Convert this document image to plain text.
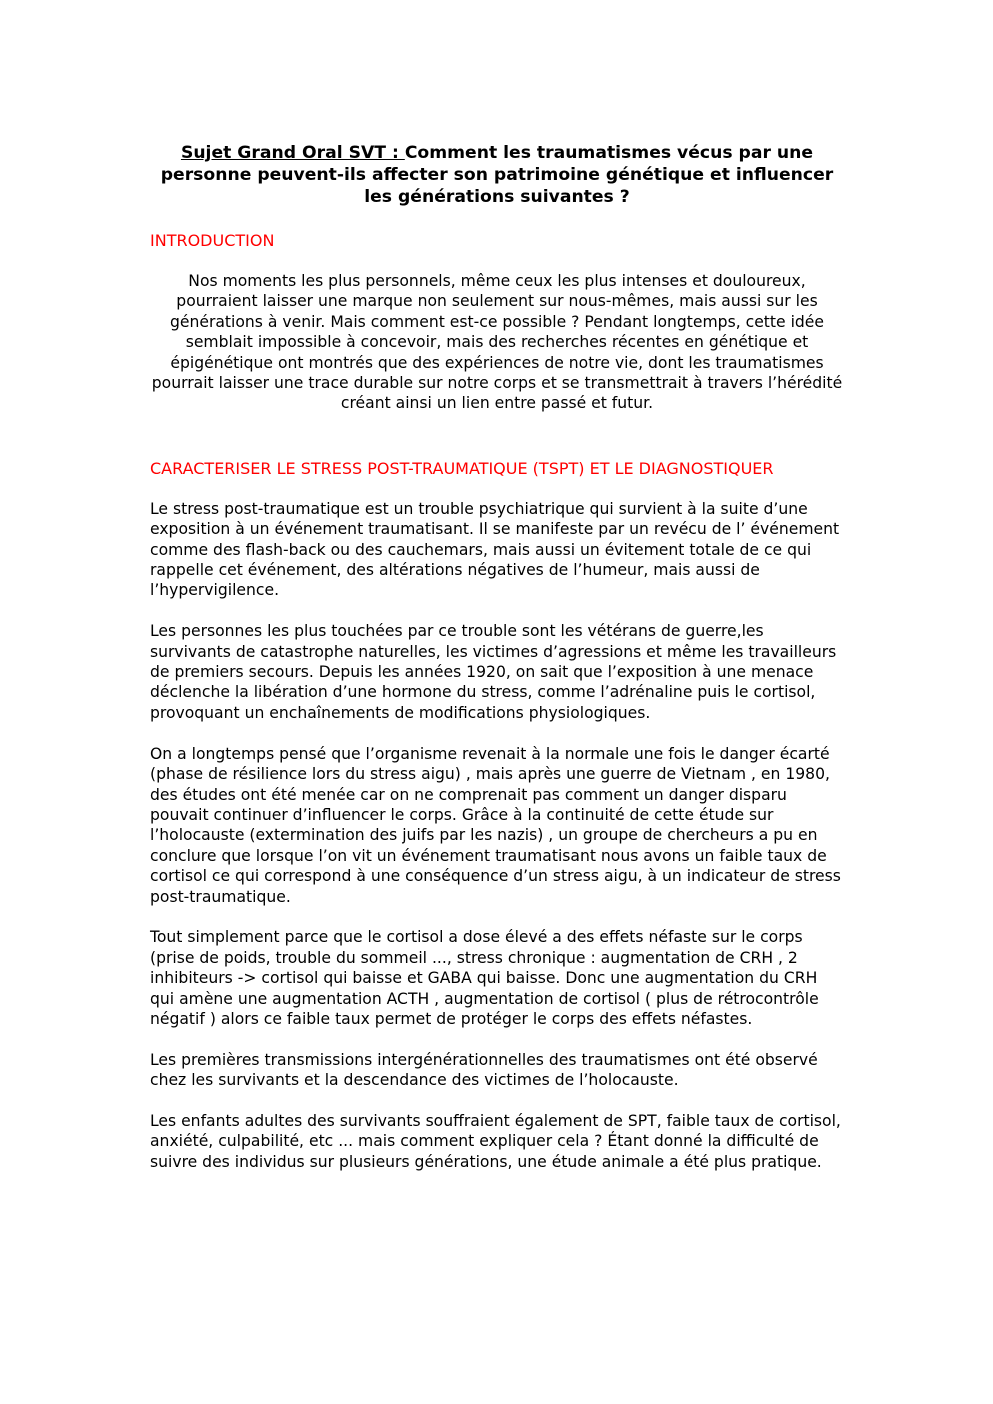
Sujet Grand Oral SVT : Comment les traumatismes vécus par une personne peuvent-ils affecter son patrimoine génétique et influencer les générations suivantes ?
INTRODUCTION

Nos moments les plus personnels, même ceux les plus intenses et douloureux, pourraient laisser une marque non seulement sur nous-mêmes, mais aussi sur les générations à venir. Mais comment est-ce possible ? Pendant longtemps, cette idée semblait impossible à concevoir, mais des recherches récentes en génétique et épigénétique ont montrés que des expériences de notre vie, dont les traumatismes pourrait laisser une trace durable sur notre corps et se transmettrait à travers l’hérédité créant ainsi un lien entre passé et futur.

CARACTERISER LE STRESS POST-TRAUMATIQUE (TSPT) ET LE DIAGNOSTIQUER

Le stress post-traumatique est un trouble psychiatrique qui survient à la suite d’une exposition à un événement traumatisant. Il se manifeste par un revécu de l’ événement comme des flash-back ou des cauchemars, mais aussi un évitement totale de ce qui rappelle cet événement, des altérations négatives de l’humeur, mais aussi de l’hypervigilence.

Les personnes les plus touchées par ce trouble sont les vétérans de guerre,les survivants de catastrophe naturelles, les victimes d’agressions et même les travailleurs de premiers secours. Depuis les années 1920, on sait que l’exposition à une menace déclenche la libération d’une hormone du stress, comme l’adrénaline puis le cortisol, provoquant un enchaînements de modifications physiologiques.

On a longtemps pensé que l’organisme revenait à la normale une fois le danger écarté (phase de résilience lors du stress aigu) , mais après une guerre de Vietnam , en 1980, des études ont été menée car on ne comprenait pas comment un danger disparu pouvait continuer d’influencer le corps. Grâce à la continuité de cette étude sur l’holocauste (extermination des juifs par les nazis) , un groupe de chercheurs a pu en conclure que lorsque l’on vit un événement traumatisant nous avons un faible taux de cortisol ce qui correspond à une conséquence d’un stress aigu, à un indicateur de stress post-traumatique.

Tout simplement parce que le cortisol a dose élevé a des effets néfaste sur le corps (prise de poids, trouble du sommeil ..., stress chronique : augmentation de CRH , 2 inhibiteurs -> cortisol qui baisse et GABA qui baisse. Donc une augmentation du CRH qui amène une augmentation ACTH , augmentation de cortisol ( plus de rétrocontrôle négatif ) alors ce faible taux permet de protéger le corps des effets néfastes.

Les premières transmissions intergénérationnelles des traumatismes ont été observé chez les survivants et la descendance des victimes de l’holocauste.

Les enfants adultes des survivants souffraient également de SPT, faible taux de cortisol, anxiété, culpabilité, etc ... mais comment expliquer cela ? Étant donné la difficulté de suivre des individus sur plusieurs générations, une étude animale a été plus pratique.
